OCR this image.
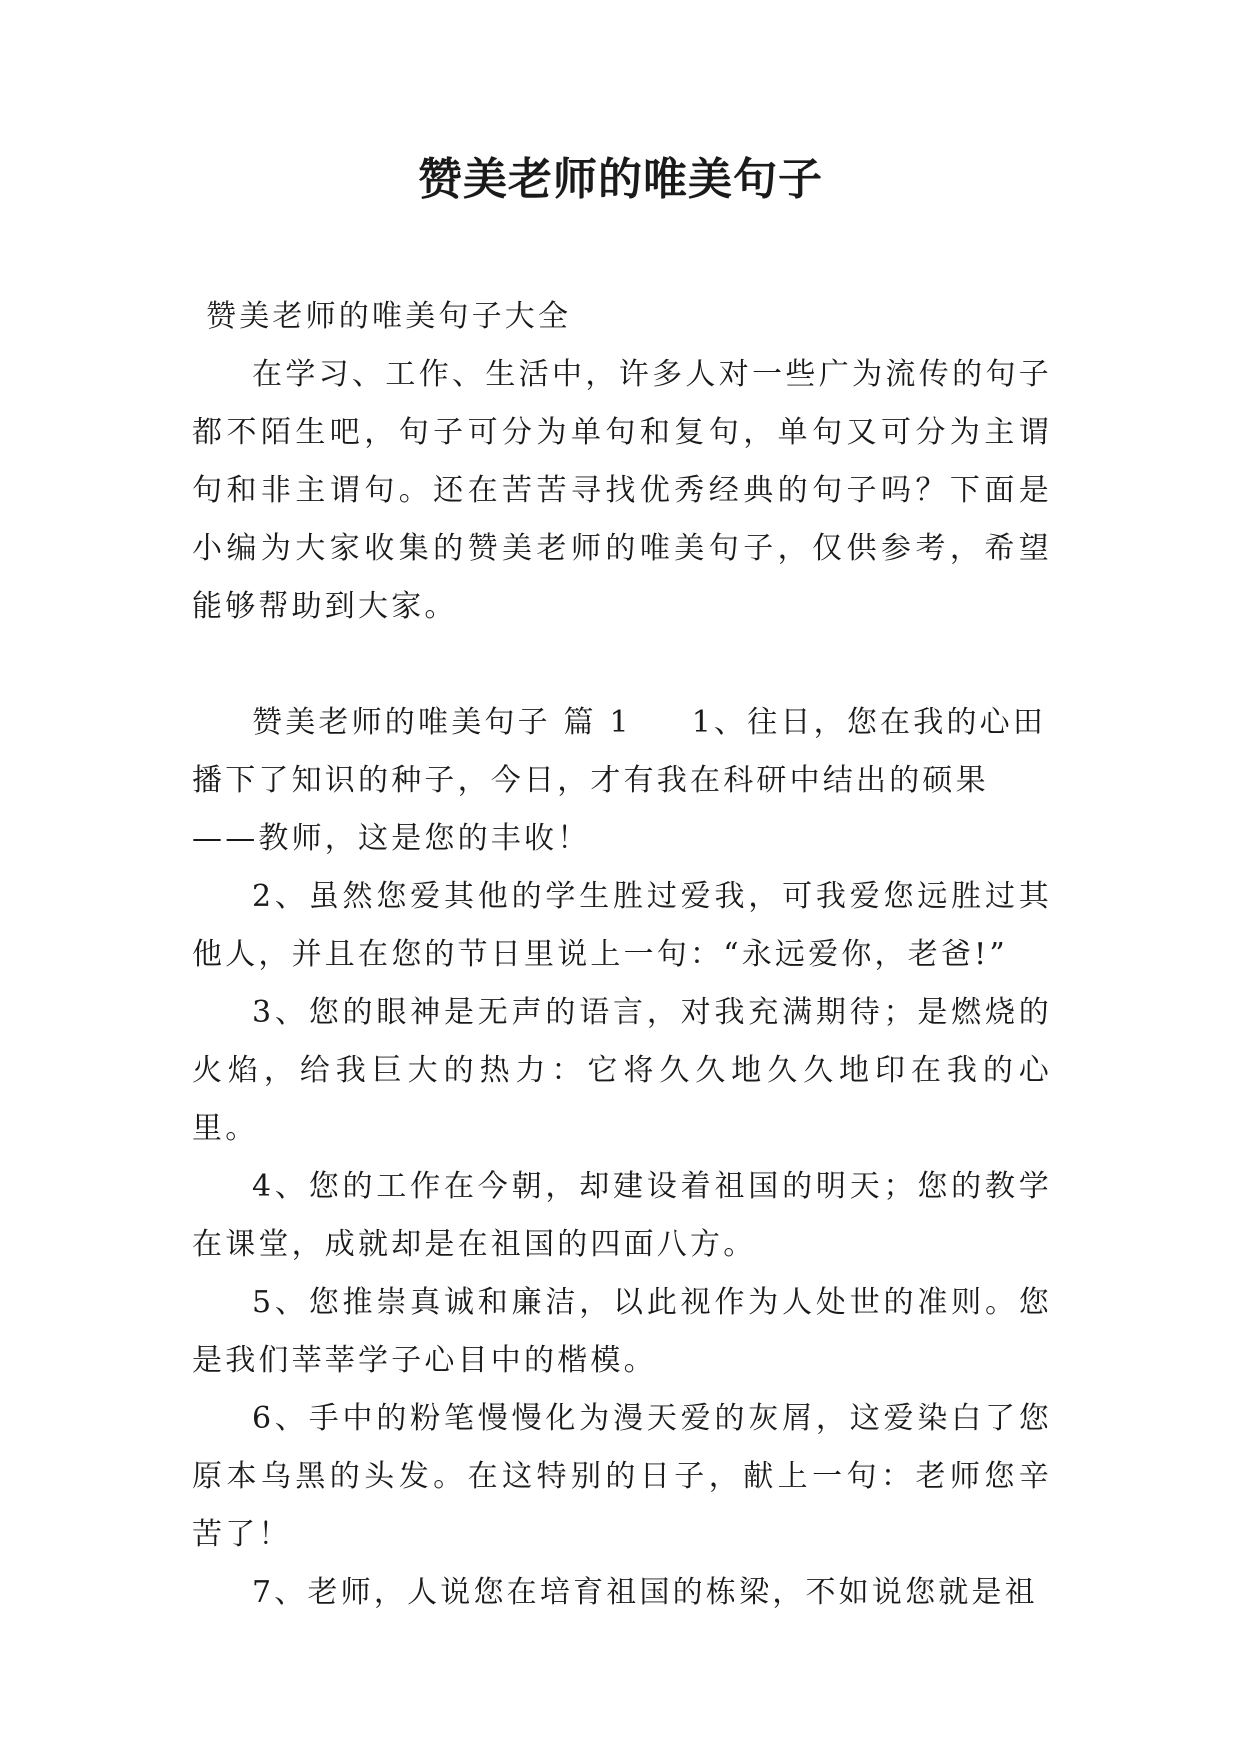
赞美老师的唯美句子

赞美老师的唯美句子大全

在学习、工作、生活中，许多人对一些广为流传的句子都不陌生吧，句子可分为单句和复句，单句又可分为主谓句和非主谓句。还在苦苦寻找优秀经典的句子吗？下面是小编为大家收集的赞美老师的唯美句子，仅供参考，希望能够帮助到大家。

赞美老师的唯美句子 篇 1 1、往日，您在我的心田播下了知识的种子，今日，才有我在科研中结出的硕果——教师，这是您的丰收！

2、虽然您爱其他的学生胜过爱我，可我爱您远胜过其他人，并且在您的节日里说上一句：“永远爱你，老爸!”

3、您的眼神是无声的语言，对我充满期待；是燃烧的火焰，给我巨大的热力：它将久久地久久地印在我的心里。

4、您的工作在今朝，却建设着祖国的明天；您的教学在课堂，成就却是在祖国的四面八方。

5、您推崇真诚和廉洁，以此视作为人处世的准则。您是我们莘莘学子心目中的楷模。

6、手中的粉笔慢慢化为漫天爱的灰屑，这爱染白了您原本乌黑的头发。在这特别的日子，献上一句：老师您辛苦了！

7、老师，人说您在培育祖国的栋梁，不如说您就是祖
